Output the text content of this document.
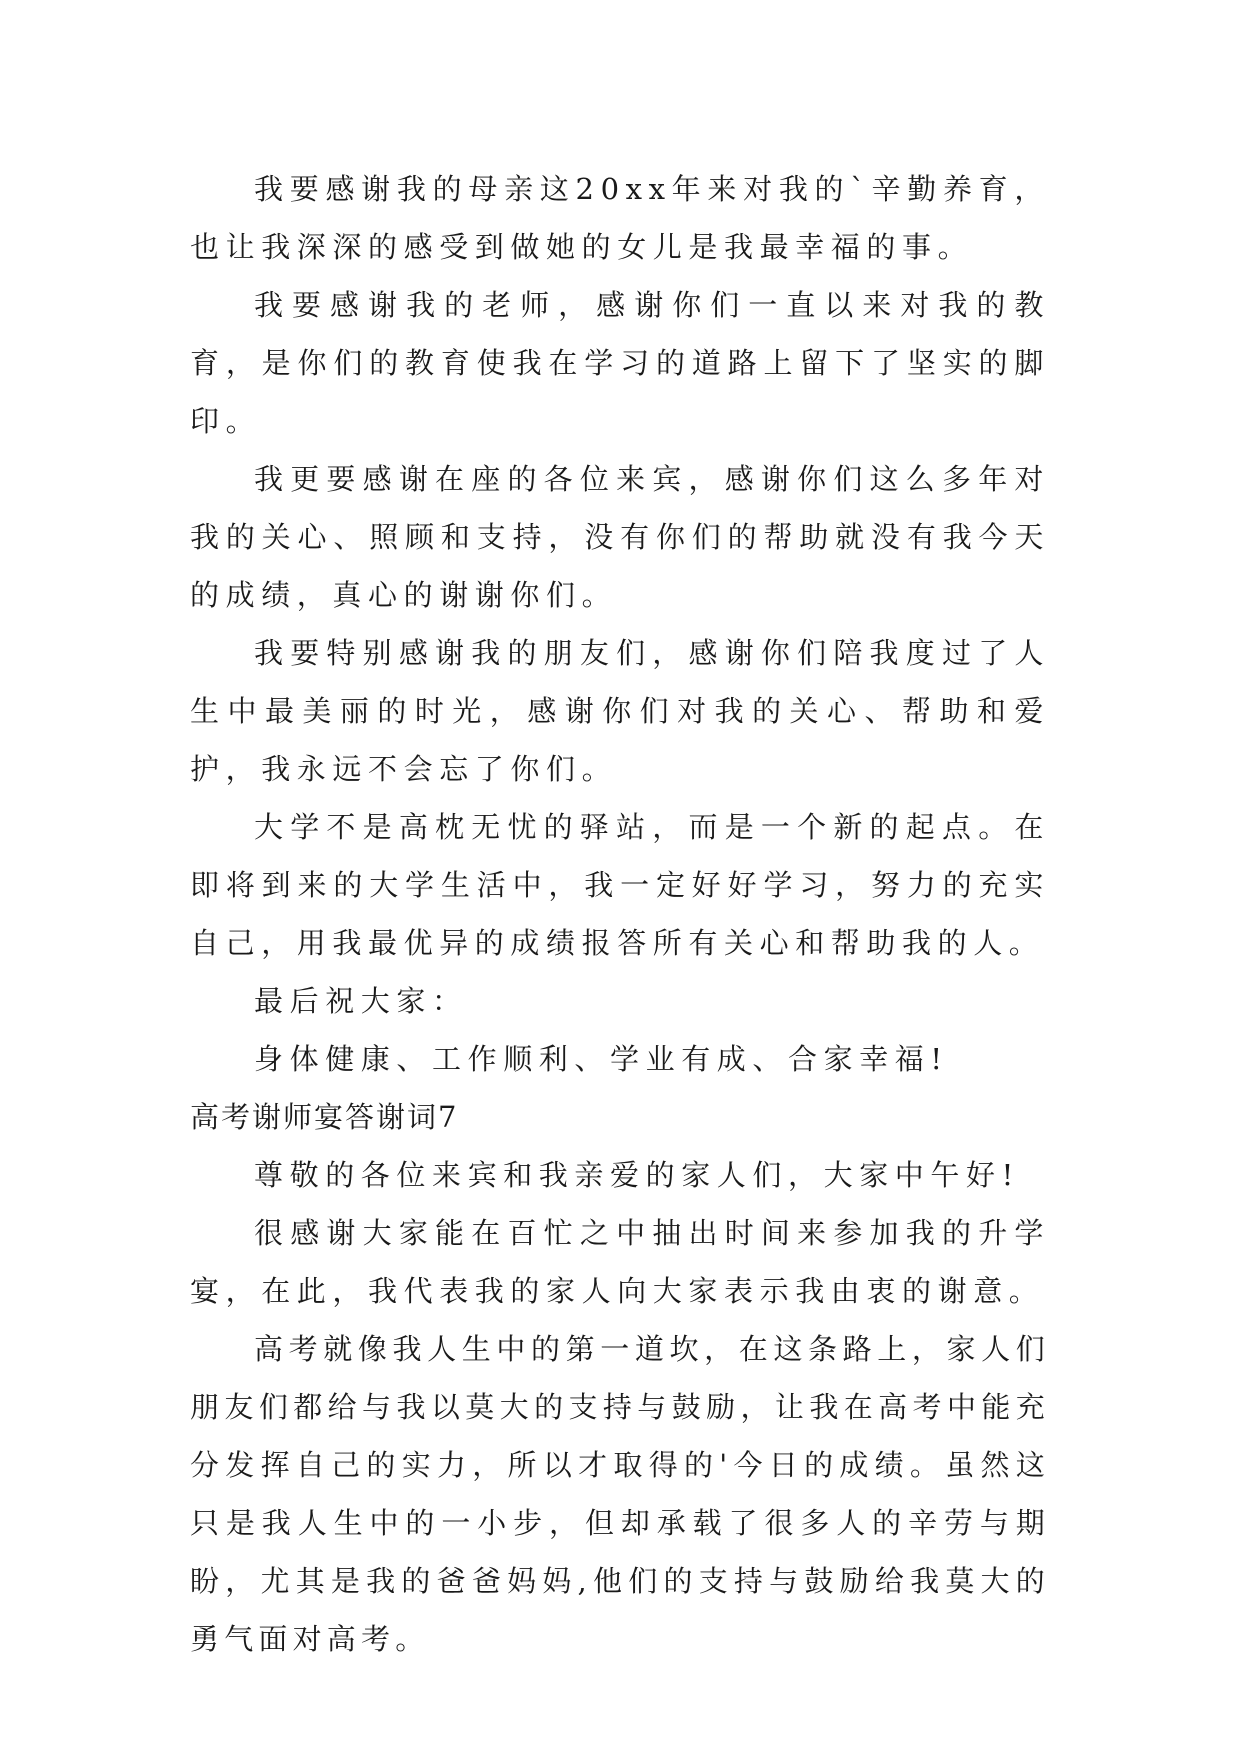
我要感谢我的母亲这20xx年来对我的`辛勤养育，也让我深深的感受到做她的女儿是我最幸福的事。

我要感谢我的老师，感谢你们一直以来对我的教育，是你们的教育使我在学习的道路上留下了坚实的脚印。

我更要感谢在座的各位来宾，感谢你们这么多年对我的关心、照顾和支持，没有你们的帮助就没有我今天的成绩，真心的谢谢你们。

我要特别感谢我的朋友们，感谢你们陪我度过了人生中最美丽的时光，感谢你们对我的关心、帮助和爱护，我永远不会忘了你们。

大学不是高枕无忧的驿站，而是一个新的起点。在即将到来的大学生活中，我一定好好学习，努力的充实自己，用我最优异的成绩报答所有关心和帮助我的人。

最后祝大家：

身体健康、工作顺利、学业有成、合家幸福!

高考谢师宴答谢词7

尊敬的各位来宾和我亲爱的家人们，大家中午好!

很感谢大家能在百忙之中抽出时间来参加我的升学宴，在此，我代表我的家人向大家表示我由衷的谢意。

高考就像我人生中的第一道坎，在这条路上，家人们朋友们都给与我以莫大的支持与鼓励，让我在高考中能充分发挥自己的实力，所以才取得的'今日的成绩。虽然这只是我人生中的一小步，但却承载了很多人的辛劳与期盼，尤其是我的爸爸妈妈,他们的支持与鼓励给我莫大的勇气面对高考。
